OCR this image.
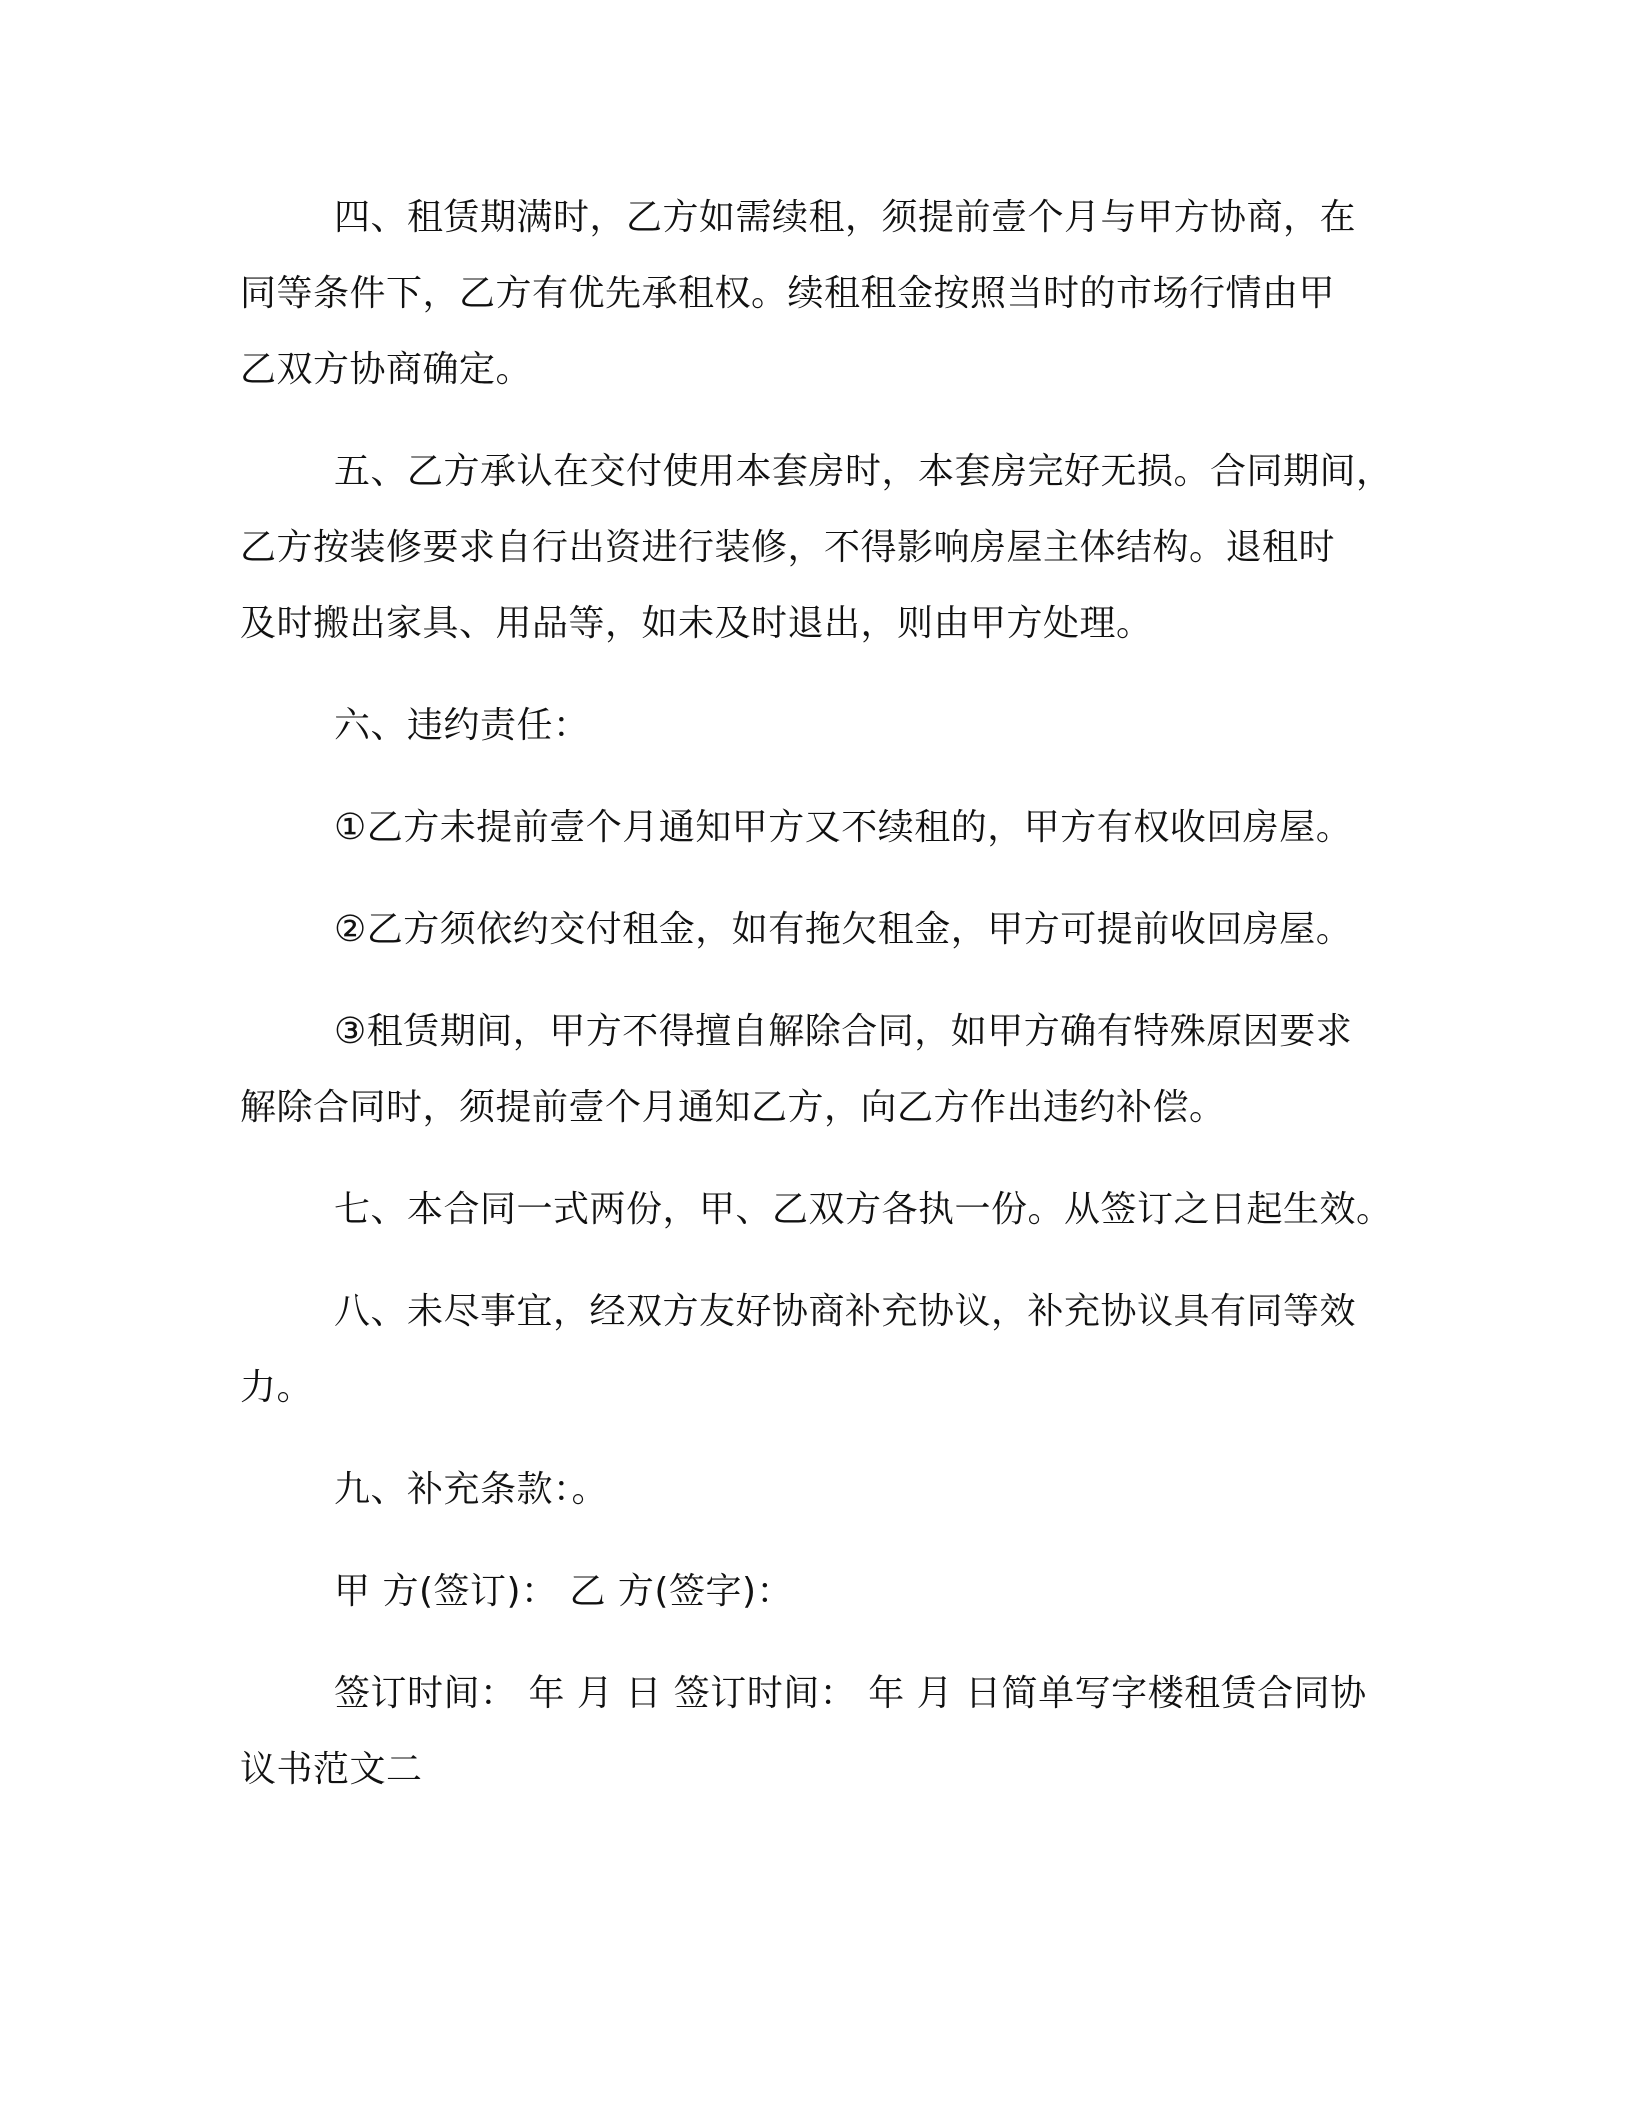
四、租赁期满时，乙方如需续租，须提前壹个月与甲方协商，在
同等条件下，乙方有优先承租权。续租租金按照当时的市场行情由甲
乙双方协商确定。
五、乙方承认在交付使用本套房时，本套房完好无损。合同期间，
乙方按装修要求自行出资进行装修，不得影响房屋主体结构。退租时
及时搬出家具、用品等，如未及时退出，则由甲方处理。
六、违约责任：
①乙方未提前壹个月通知甲方又不续租的，甲方有权收回房屋。
②乙方须依约交付租金，如有拖欠租金，甲方可提前收回房屋。
③租赁期间，甲方不得擅自解除合同，如甲方确有特殊原因要求
解除合同时，须提前壹个月通知乙方，向乙方作出违约补偿。
七、本合同一式两份，甲、乙双方各执一份。从签订之日起生效。
八、未尽事宜，经双方友好协商补充协议，补充协议具有同等效
力。
九、补充条款：。
甲 方(签订)： 乙 方(签字)：
签订时间： 年 月 日 签订时间： 年 月 日简单写字楼租赁合同协
议书范文二
